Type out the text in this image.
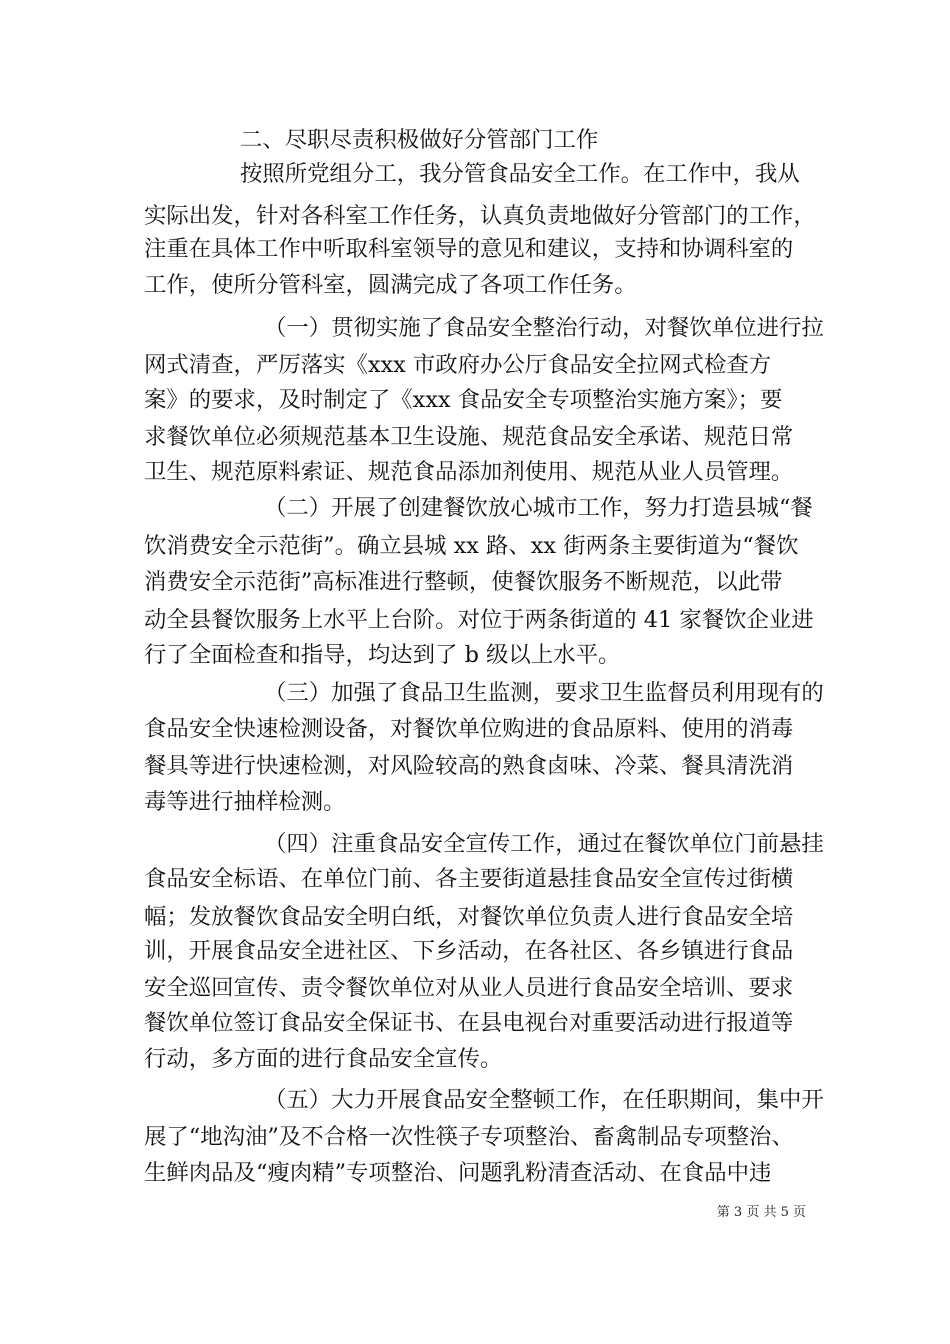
二、尽职尽责积极做好分管部门工作
按照所党组分工，我分管食品安全工作。在工作中，我从
实际出发，针对各科室工作任务，认真负责地做好分管部门的工作，
注重在具体工作中听取科室领导的意见和建议，支持和协调科室的
工作，使所分管科室，圆满完成了各项工作任务。
（一）贯彻实施了食品安全整治行动，对餐饮单位进行拉
网式清查，严厉落实《xxx 市政府办公厅食品安全拉网式检查方
案》的要求，及时制定了《xxx 食品安全专项整治实施方案》；要
求餐饮单位必须规范基本卫生设施、规范食品安全承诺、规范日常
卫生、规范原料索证、规范食品添加剂使用、规范从业人员管理。
（二）开展了创建餐饮放心城市工作，努力打造县城“餐
饮消费安全示范街”。确立县城 xx 路、xx 街两条主要街道为“餐饮
消费安全示范街”高标准进行整顿，使餐饮服务不断规范，以此带
动全县餐饮服务上水平上台阶。对位于两条街道的 41 家餐饮企业进
行了全面检查和指导，均达到了 b 级以上水平。
（三）加强了食品卫生监测，要求卫生监督员利用现有的
食品安全快速检测设备，对餐饮单位购进的食品原料、使用的消毒
餐具等进行快速检测，对风险较高的熟食卤味、冷菜、餐具清洗消
毒等进行抽样检测。
（四）注重食品安全宣传工作，通过在餐饮单位门前悬挂
食品安全标语、在单位门前、各主要街道悬挂食品安全宣传过街横
幅；发放餐饮食品安全明白纸，对餐饮单位负责人进行食品安全培
训，开展食品安全进社区、下乡活动，在各社区、各乡镇进行食品
安全巡回宣传、责令餐饮单位对从业人员进行食品安全培训、要求
餐饮单位签订食品安全保证书、在县电视台对重要活动进行报道等
行动，多方面的进行食品安全宣传。
（五）大力开展食品安全整顿工作，在任职期间，集中开
展了“地沟油”及不合格一次性筷子专项整治、畜禽制品专项整治、
生鲜肉品及“瘦肉精”专项整治、问题乳粉清查活动、在食品中违
第 3 页 共 5 页
